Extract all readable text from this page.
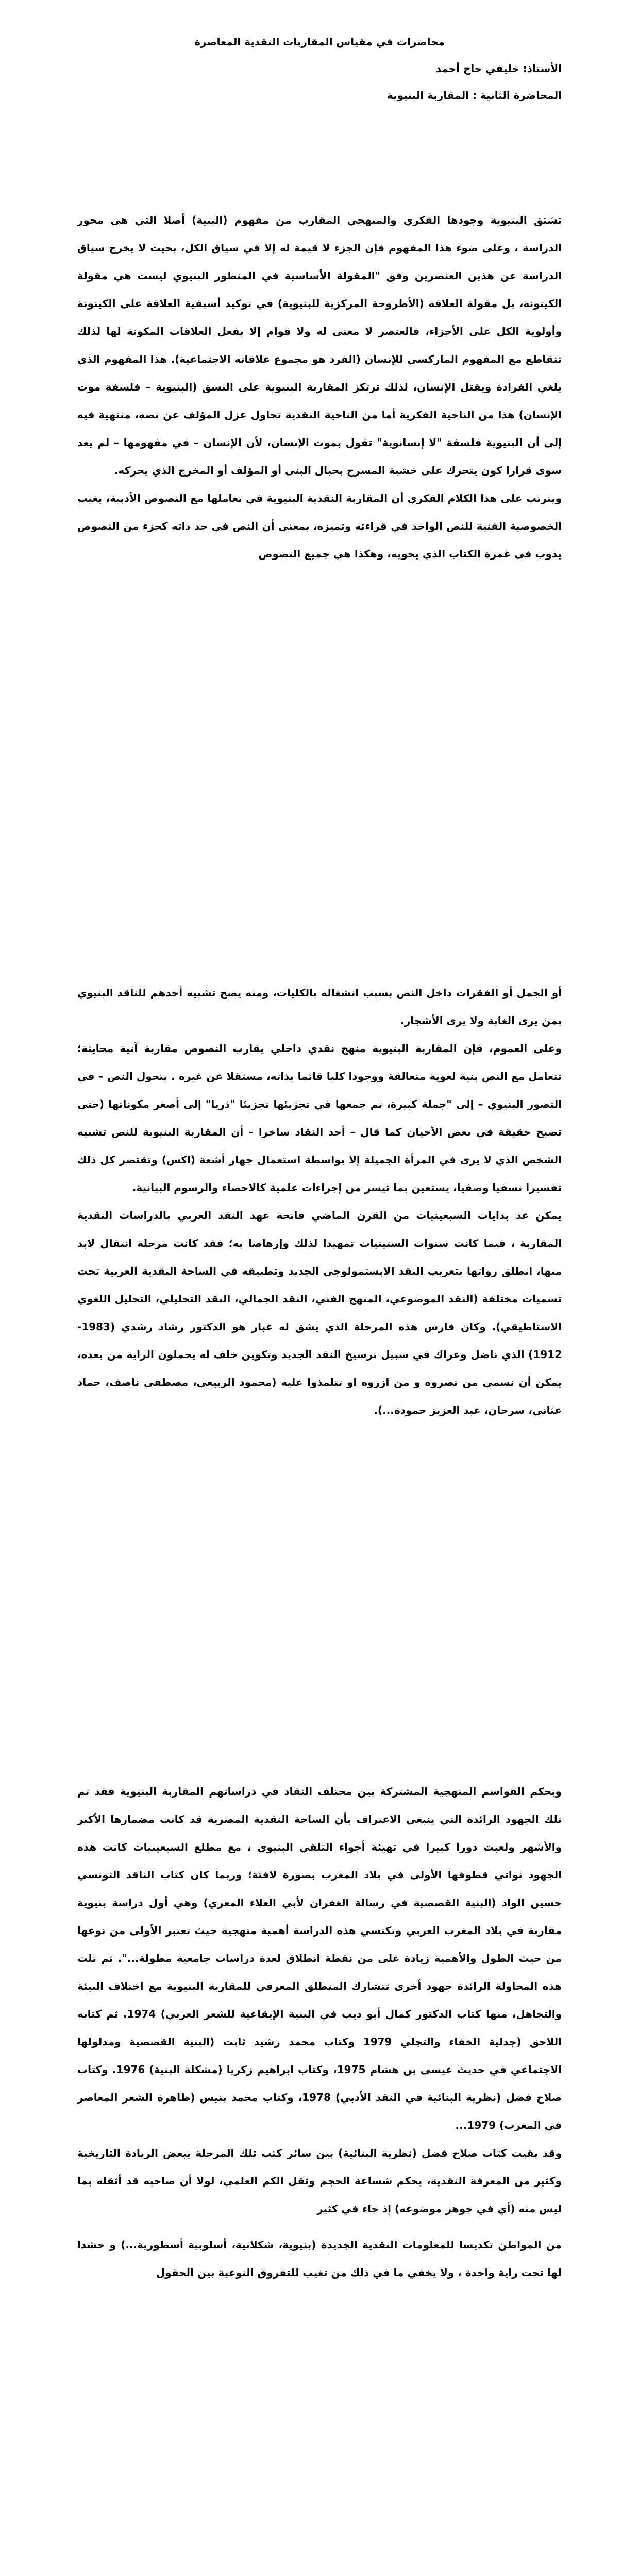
محاضرات في مقياس المقاربات النقدية المعاصرة

الأستاذ: خليفي حاج أحمد

المحاضرة الثانية : المقاربة البنيوية

تشتق البنيوية وجودها الفكري والمنهجي المقارب من مفهوم (البنية) أصلا التي هي محور الدراسة ، وعلى ضوء هذا المفهوم فإن الجزء لا قيمة له إلا في سياق الكل، بحيث لا يخرج سياق الدراسة عن هذين العنصرين وفق "المقولة الأساسية في المنظور البنيوي ليست هي مقولة الكينونة، بل مقولة العلاقة (الأطروحة المركزية للبنيوية) في توكيد أسبقية العلاقة على الكينونة وأولوية الكل على الأجزاء، فالعنصر لا معنى له ولا قوام إلا بفعل العلاقات المكونة لها لذلك تتقاطع مع المفهوم الماركسي للإنسان (الفرد هو مجموع علاقاته الاجتماعية). هذا المفهوم الذي يلغي الفرادة ويقتل الإنسان، لذلك ترتكز المقاربة البنيوية على النسق (البنيوية – فلسفة موت الإنسان) هذا من الناحية الفكرية أما من الناحية النقدية تحاول عزل المؤلف عن نصه، منتهية فيه إلى أن البنيوية فلسفة "لا إنسانوية" تقول بموت الإنسان، لأن الإنسان – في مفهومها – لم يعد سوى قرارا كون يتحرك على خشبة المسرح بحبال البنى أو المؤلف أو المخرج الذي يحركه.

ويترتب على هذا الكلام الفكري أن المقاربة النقدية البنيوية في تعاملها مع النصوص الأدبية، يغيب الخصوصية الفنية للنص الواحد في قراءته وتميزه، بمعنى أن النص في حد ذاته كجزء من النصوص يذوب في غمرة الكتاب الذي يحويه، وهكذا هي جميع النصوص

أو الجمل أو الفقرات داخل النص بسبب انشغاله بالكليات، ومنه يصح تشبيه أحدهم للناقد البنيوي بمن يرى الغابة ولا يرى الأشجار.

وعلى العموم، فإن المقاربة البنيوية منهج نقدي داخلي يقارب النصوص مقاربة آنية محايثة؛ تتعامل مع النص بنية لغوية متعالقة ووجودا كليا قائما بذاته، مستقلا عن غيره . يتحول النص – في التصور البنيوي – إلى "جملة كبيرة، تم جمعها في تجزيئها تجزيئا "ذريا" إلى أصغر مكوناتها (حتى تصبح حقيقة في بعض الأحيان كما قال – أحد النقاد ساخرا – أن المقاربة البنيوية للنص تشبيه الشخص الذي لا يرى في المرأة الجميلة إلا بواسطة استعمال جهاز أشعة (اكس) وتقتصر كل ذلك تفسيرا نسقيا وصفيا، يستعين بما تيسر من إجراءات علمية كالاحصاء والرسوم البيانية.

يمكن عد بدايات السبعينيات من القرن الماضي فاتحة عهد النقد العربي بالدراسات النقدية المقاربة ، فيما كانت سنوات الستينيات تمهيدا لذلك وإرهاصا به؛ فقد كانت مرحلة انتقال لابد منها، انطلق رواتها بتعريب النقد الابستمولوجي الجديد وتطبيقه في الساحة النقدية العربية تحت تسميات مختلفة (النقد الموضوعي، المنهج الفني، النقد الجمالي، النقد التحليلي، التحليل اللغوي الاستاطيقي). وكان فارس هذه المرحلة الذي يشق له غبار هو الدكتور رشاد رشدي (1983-1912) الذي ناضل وعراك في سبيل ترسيخ النقد الجديد وتكوين خلف له يحملون الراية من بعده، يمكن أن نسمي من تصروه و من ازروه او تتلمذوا عليه (محمود الربيعي، مصطفى ناصف، حماد عثاني، سرحان، عبد العزيز حمودة...).

وبحكم القواسم المنهجية المشتركة بين مختلف النقاد في دراساتهم المقاربة البنيوية فقد تم تلك الجهود الرائدة التي ينبغي الاعتراف بأن الساحة النقدية المصرية قد كانت مضمارها الأكبر والأشهر ولعبت دورا كبيرا في تهيئة أجواء التلقي البنيوي ، مع مطلع السبعينيات كانت هذه الجهود نواتي قطوفها الأولى في بلاد المغرب بصورة لافتة؛ وربما كان كتاب الناقد التونسي حسين الواد (البنية القصصية في رسالة الغفران لأبي العلاء المعري) وهي أول دراسة بنيوية مقاربة في بلاد المغرب العربي وتكتسي هذه الدراسة أهمية منهجية حيث تعتبر الأولى من نوعها من حيث الطول والأهمية زيادة على من نقطة انطلاق لعدة دراسات جامعية مطولة...". ثم تلت هذه المحاولة الرائدة جهود أخرى تتشارك المنطلق المعرفي للمقاربة البنيوية مع اختلاف البيئة والتجاهل، منها كتاب الدكتور كمال أبو ديب في البنية الإيقاعية للشعر العربي) 1974. ثم كتابه اللاحق (جدلية الخفاء والتجلي 1979 وكتاب محمد رشيد ثابت (البنية القصصية ومدلولها الاجتماعي في حديث عيسى بن هشام 1975، وكتاب ابراهيم زكريا (مشكلة البنية) 1976. وكتاب صلاح فضل (نظرية البنائية في النقد الأدبي) 1978، وكتاب محمد بنيس (ظاهرة الشعر المعاصر في المغرب) 1979...

وقد بقيت كتاب صلاح فضل (نظرية البنائية) بين سائر كتب تلك المرحلة يبعض الريادة التاريخية وكثير من المعرفة النقدية، بحكم شساعة الحجم وثقل الكم العلمي، لولا أن صاحبه قد أثقله بما ليس منه (أي في جوهر موضوعه) إذ جاء في كثير

من المواطن تكديسا للمعلومات النقدية الجديدة (بنيوية، شكلانية، أسلوبية أسطورية...) و حشدا لها تحت راية واحدة ، ولا يخفي ما في ذلك من تغيب للتفروق النوعية بين الحقول
